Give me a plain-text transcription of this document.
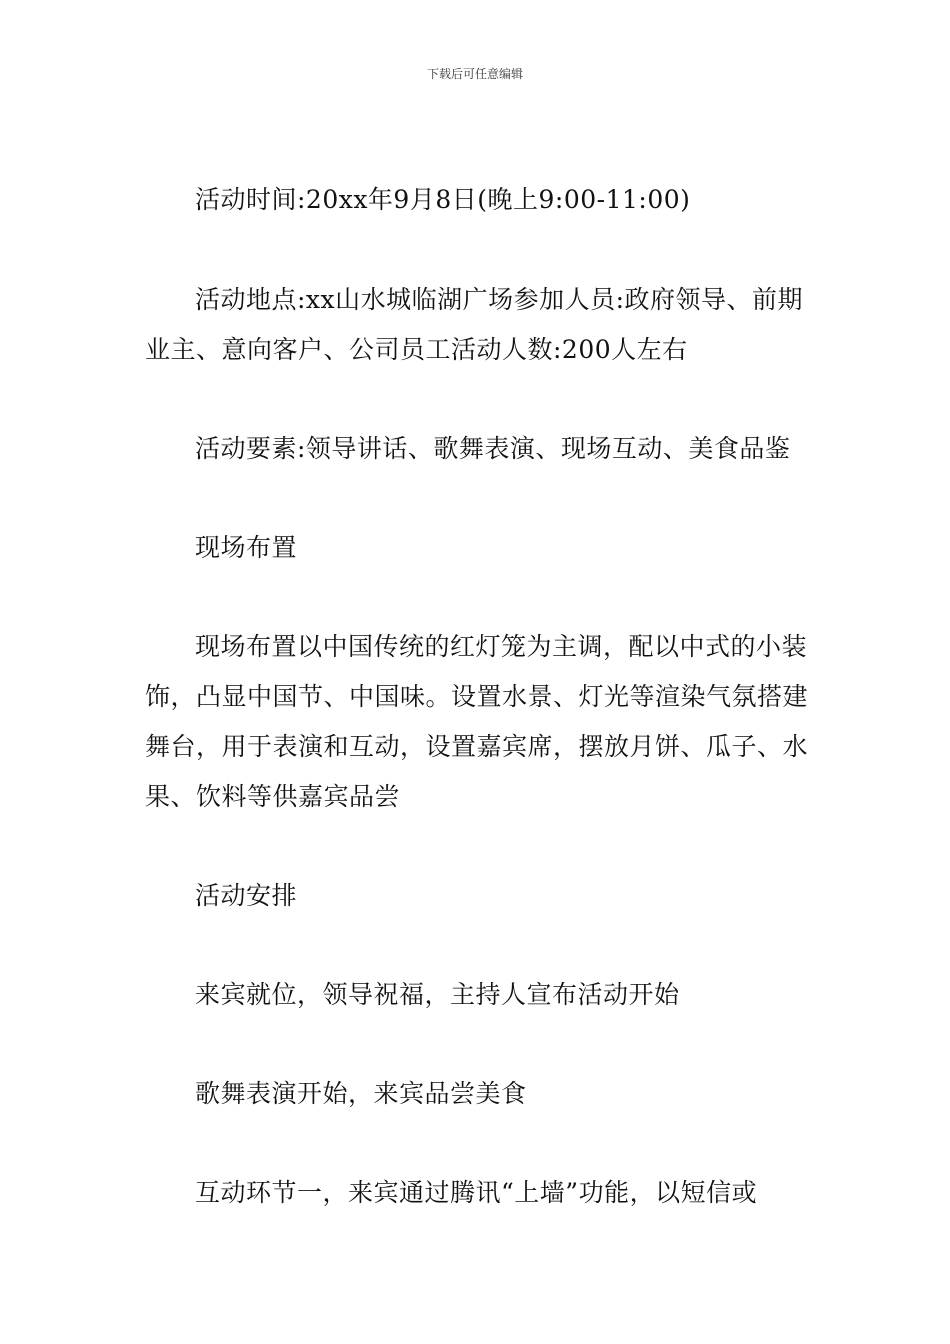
下载后可任意编辑

活动时间:20xx年9月8日(晚上9:00-11:00)

活动地点:xx山水城临湖广场参加人员:政府领导、前期业主、意向客户、公司员工活动人数:200人左右

活动要素:领导讲话、歌舞表演、现场互动、美食品鉴

现场布置

现场布置以中国传统的红灯笼为主调，配以中式的小装饰，凸显中国节、中国味。设置水景、灯光等渲染气氛搭建舞台，用于表演和互动，设置嘉宾席，摆放月饼、瓜子、水果、饮料等供嘉宾品尝

活动安排

来宾就位，领导祝福，主持人宣布活动开始

歌舞表演开始，来宾品尝美食

互动环节一，来宾通过腾讯“上墙”功能，以短信或
